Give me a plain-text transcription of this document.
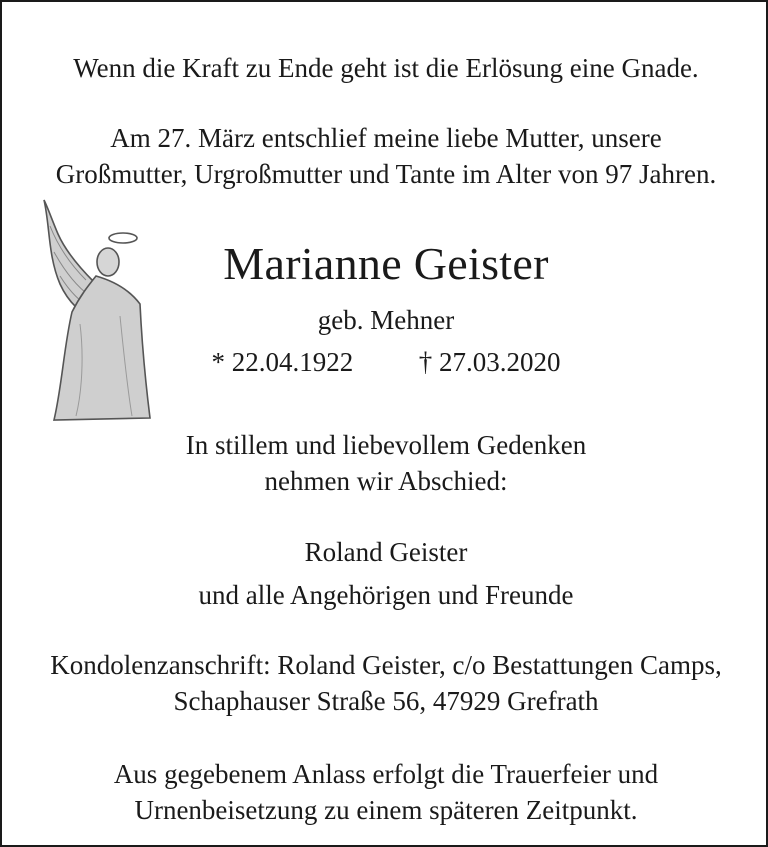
Wenn die Kraft zu Ende geht ist die Erlösung eine Gnade.
Am 27. März entschlief meine liebe Mutter, unsere
Großmutter, Urgroßmutter und Tante im Alter von 97 Jahren.
Marianne Geister
geb. Mehner
* 22.04.1922 † 27.03.2020
In stillem und liebevollem Gedenken
nehmen wir Abschied:
Roland Geister
und alle Angehörigen und Freunde
Kondolenzanschrift: Roland Geister, c/o Bestattungen Camps,
Schaphauser Straße 56, 47929 Grefrath
Aus gegebenem Anlass erfolgt die Trauerfeier und
Urnenbeisetzung zu einem späteren Zeitpunkt.
